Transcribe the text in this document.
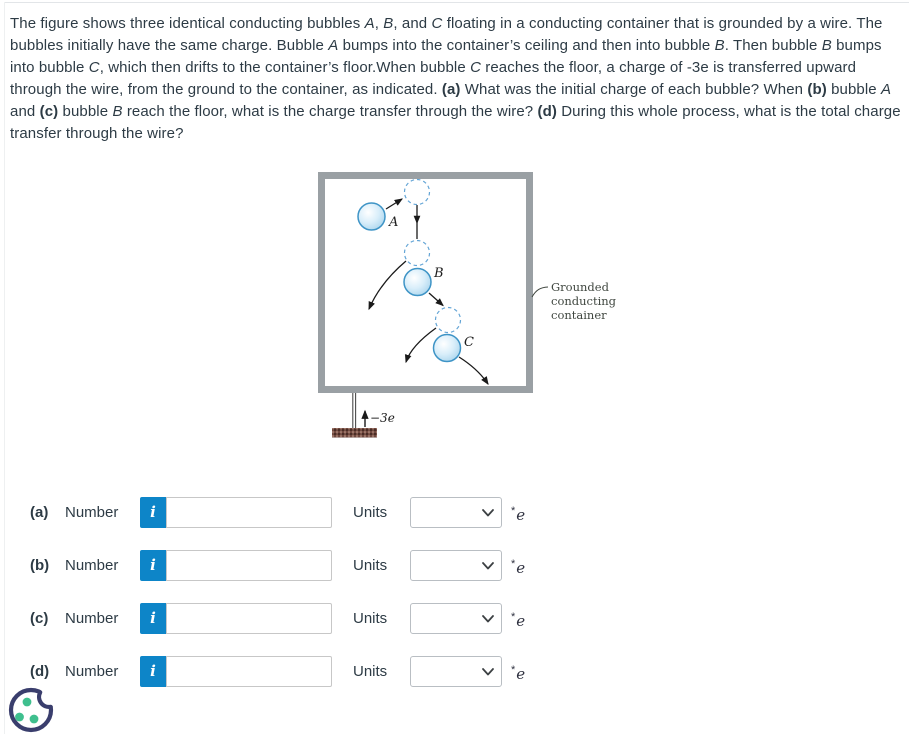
The figure shows three identical conducting bubbles A, B, and C floating in a conducting container that is grounded by a wire. The bubbles initially have the same charge. Bubble A bumps into the container’s ceiling and then into bubble B. Then bubble B bumps into bubble C, which then drifts to the container’s floor.When bubble C reaches the floor, a charge of -3e is transferred upward through the wire, from the ground to the container, as indicated. (a) What was the initial charge of each bubble? When (b) bubble A and (c) bubble B reach the floor, what is the charge transfer through the wire? (d) During this whole process, what is the total charge transfer through the wire?
−3e
A
B
C
Grounded
conducting
container
(a) Number	i	Units	*e
(b) Number	i	Units	*e
(c) Number	i	Units	*e
(d) Number	i	Units	*e
